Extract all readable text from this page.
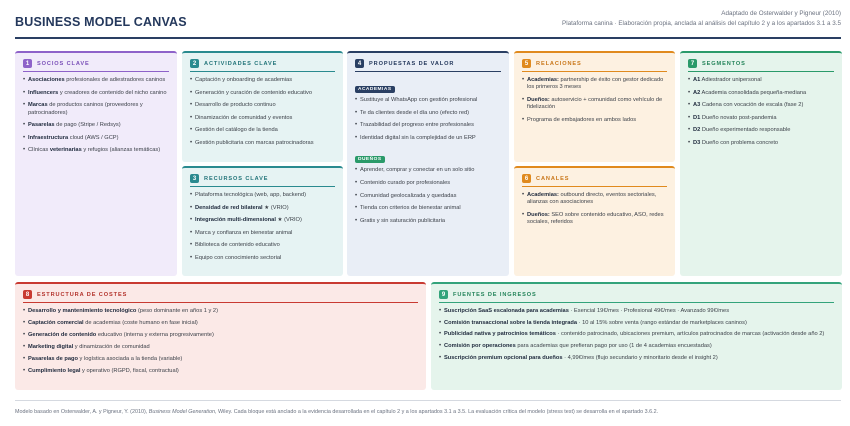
BUSINESS MODEL CANVAS
Adaptado de Osterwalder y Pigneur (2010)
Plataforma canina · Elaboración propia, anclada al análisis del capítulo 2 y a los apartados 3.1 a 3.5
1	SOCIOS CLAVE
• Asociaciones profesionales de adiestradores caninos
• Influencers y creadores de contenido del nicho canino
• Marcas de productos caninos (proveedores y patrocinadores)
• Pasarelas de pago (Stripe / Redsys)
• Infraestructura cloud (AWS / GCP)
• Clínicas veterinarias y refugios (alianzas temáticas)
2	ACTIVIDADES CLAVE
• Captación y onboarding de academias
• Generación y curación de contenido educativo
• Desarrollo de producto continuo
• Dinamización de comunidad y eventos
• Gestión del catálogo de la tienda
• Gestión publicitaria con marcas patrocinadoras
3	RECURSOS CLAVE
• Plataforma tecnológica (web, app, backend)
• Densidad de red bilateral ★ (VRIO)
• Integración multi-dimensional ★ (VRIO)
• Marca y confianza en bienestar animal
• Biblioteca de contenido educativo
• Equipo con conocimiento sectorial
4	PROPUESTAS DE VALOR
ACADEMIAS
• Sustituye al WhatsApp con gestión profesional
• Te da clientes desde el día uno (efecto red)
• Trazabilidad del progreso entre profesionales
• Identidad digital sin la complejidad de un ERP
DUEÑOS
• Aprender, comprar y conectar en un solo sitio
• Contenido curado por profesionales
• Comunidad geolocalizada y quedadas
• Tienda con criterios de bienestar animal
• Gratis y sin saturación publicitaria
5	RELACIONES
• Academias: partnership de éxito con gestor dedicado los primeros 3 meses
• Dueños: autoservicio + comunidad como vehículo de fidelización
• Programa de embajadores en ambos lados
6	CANALES
• Academias: outbound directo, eventos sectoriales, alianzas con asociaciones
• Dueños: SEO sobre contenido educativo, ASO, redes sociales, referidos
7	SEGMENTOS
• A1 Adiestrador unipersonal
• A2 Academia consolidada pequeña-mediana
• A3 Cadena con vocación de escala (fase 2)
• D1 Dueño novato post-pandemia
• D2 Dueño experimentado responsable
• D3 Dueño con problema concreto
8	ESTRUCTURA DE COSTES
• Desarrollo y mantenimiento tecnológico (peso dominante en años 1 y 2)
• Captación comercial de academias (coste humano en fase inicial)
• Generación de contenido educativo (interna y externa progresivamente)
• Marketing digital y dinamización de comunidad
• Pasarelas de pago y logística asociada a la tienda (variable)
• Cumplimiento legal y operativo (RGPD, fiscal, contractual)
9	FUENTES DE INGRESOS
• Suscripción SaaS escalonada para academias · Esencial 19€/mes · Profesional 49€/mes · Avanzado 99€/mes
• Comisión transaccional sobre la tienda integrada · 10 al 15% sobre venta (rango estándar de marketplaces caninos)
• Publicidad nativa y patrocinios temáticos · contenido patrocinado, ubicaciones premium, artículos patrocinados de marcas (activación desde año 2)
• Comisión por operaciones para academias que prefieran pago por uso (1 de 4 academias encuestadas)
• Suscripción premium opcional para dueños · 4,99€/mes (flujo secundario y minoritario desde el insight 2)
Modelo basado en Osterwalder, A. y Pigneur, Y. (2010), Business Model Generation, Wiley. Cada bloque está anclado a la evidencia desarrollada en el capítulo 2 y a los apartados 3.1 a 3.5. La evaluación crítica del modelo (stress test) se desarrolla en el apartado 3.6.2.
